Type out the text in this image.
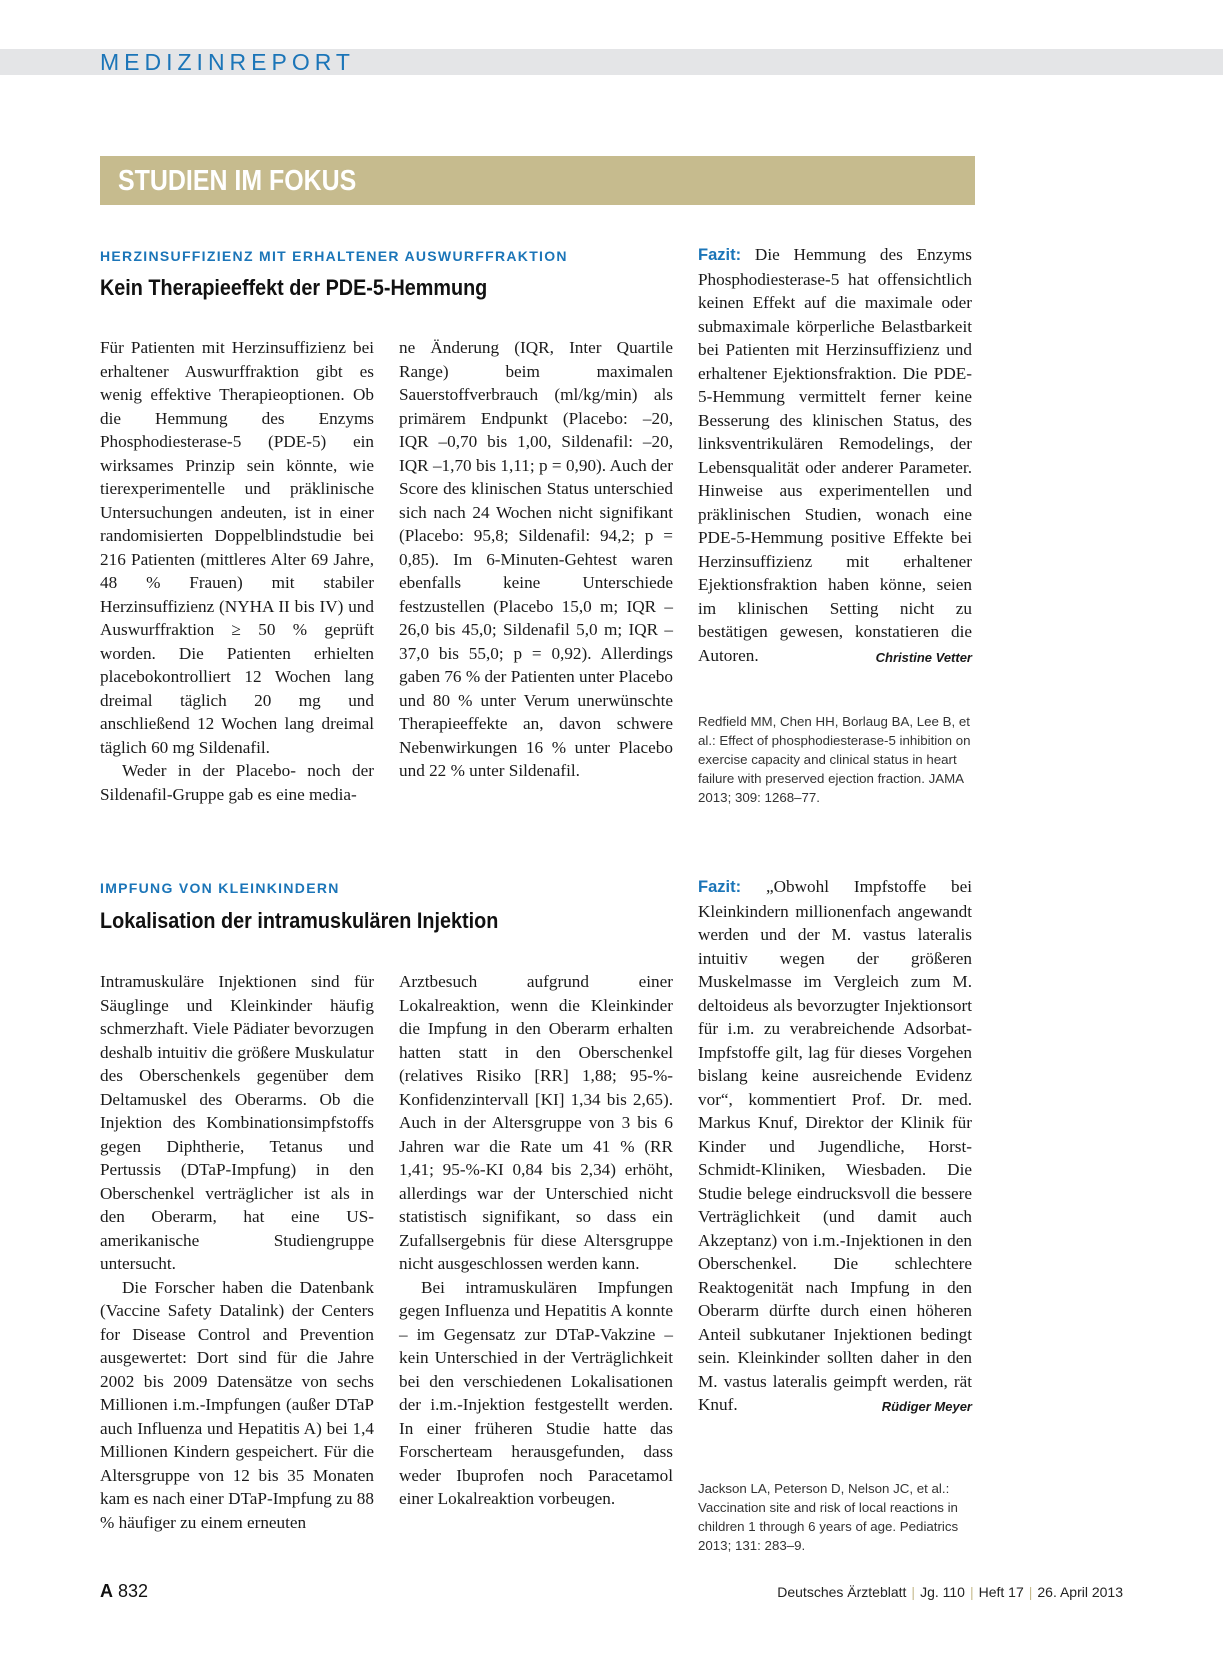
MEDIZINREPORT
STUDIEN IM FOKUS
HERZINSUFFIZIENZ MIT ERHALTENER AUSWURFFRAKTION
Kein Therapieeffekt der PDE-5-Hemmung

Für Patienten mit Herzinsuffizienz bei erhaltener Auswurffraktion gibt es wenig effektive Therapieoptionen. Ob die Hemmung des Enzyms Phosphodiesterase-5 (PDE-5) ein wirksames Prinzip sein könnte, wie tierexperimentelle und präklinische Untersuchungen andeuten, ist in einer randomisierten Doppelblindstudie bei 216 Patienten (mittleres Alter 69 Jahre, 48 % Frauen) mit stabiler Herzinsuffizienz (NYHA II bis IV) und Auswurffraktion ≥ 50 % geprüft worden. Die Patienten erhielten placebokontrolliert 12 Wochen lang dreimal täglich 20 mg und anschließend 12 Wochen lang dreimal täglich 60 mg Sildenafil.

Weder in der Placebo- noch der Sildenafil-Gruppe gab es eine media-

ne Änderung (IQR, Inter Quartile Range) beim maximalen Sauerstoffverbrauch (ml/kg/min) als primärem Endpunkt (Placebo: –20, IQR –0,70 bis 1,00, Sildenafil: –20, IQR –1,70 bis 1,11; p = 0,90). Auch der Score des klinischen Status unterschied sich nach 24 Wochen nicht signifikant (Placebo: 95,8; Sildenafil: 94,2; p = 0,85). Im 6-Minuten-Gehtest waren ebenfalls keine Unterschiede festzustellen (Placebo 15,0 m; IQR –26,0 bis 45,0; Sildenafil 5,0 m; IQR –37,0 bis 55,0; p = 0,92). Allerdings gaben 76 % der Patienten unter Placebo und 80 % unter Verum unerwünschte Therapieeffekte an, davon schwere Nebenwirkungen 16 % unter Placebo und 22 % unter Sildenafil.

Fazit: Die Hemmung des Enzyms Phosphodiesterase-5 hat offensichtlich keinen Effekt auf die maximale oder submaximale körperliche Belastbarkeit bei Patienten mit Herzinsuffizienz und erhaltener Ejektionsfraktion. Die PDE-5-Hemmung vermittelt ferner keine Besserung des klinischen Status, des linksventrikulären Remodelings, der Lebensqualität oder anderer Parameter. Hinweise aus experimentellen und präklinischen Studien, wonach eine PDE-5-Hemmung positive Effekte bei Herzinsuffizienz mit erhaltener Ejektionsfraktion haben könne, seien im klinischen Setting nicht zu bestätigen gewesen, konstatieren die Autoren.	Christine Vetter

Redfield MM, Chen HH, Borlaug BA, Lee B, et al.: Effect of phosphodiesterase-5 inhibition on exercise capacity and clinical status in heart failure with preserved ejection fraction. JAMA 2013; 309: 1268–77.
IMPFUNG VON KLEINKINDERN
Lokalisation der intramuskulären Injektion

Intramuskuläre Injektionen sind für Säuglinge und Kleinkinder häufig schmerzhaft. Viele Pädiater bevorzugen deshalb intuitiv die größere Muskulatur des Oberschenkels gegenüber dem Deltamuskel des Oberarms. Ob die Injektion des Kombinationsimpfstoffs gegen Diphtherie, Tetanus und Pertussis (DTaP-Impfung) in den Oberschenkel verträglicher ist als in den Oberarm, hat eine US-amerikanische Studiengruppe untersucht.

Die Forscher haben die Datenbank (Vaccine Safety Datalink) der Centers for Disease Control and Prevention ausgewertet: Dort sind für die Jahre 2002 bis 2009 Datensätze von sechs Millionen i.m.-Impfungen (außer DTaP auch Influenza und Hepatitis A) bei 1,4 Millionen Kindern gespeichert. Für die Altersgruppe von 12 bis 35 Monaten kam es nach einer DTaP-Impfung zu 88 % häufiger zu einem erneuten

Arztbesuch aufgrund einer Lokalreaktion, wenn die Kleinkinder die Impfung in den Oberarm erhalten hatten statt in den Oberschenkel (relatives Risiko [RR] 1,88; 95-%-Konfidenzintervall [KI] 1,34 bis 2,65). Auch in der Altersgruppe von 3 bis 6 Jahren war die Rate um 41 % (RR 1,41; 95-%-KI 0,84 bis 2,34) erhöht, allerdings war der Unterschied nicht statistisch signifikant, so dass ein Zufallsergebnis für diese Altersgruppe nicht ausgeschlossen werden kann.

Bei intramuskulären Impfungen gegen Influenza und Hepatitis A konnte – im Gegensatz zur DTaP-Vakzine – kein Unterschied in der Verträglichkeit bei den verschiedenen Lokalisationen der i.m.-Injektion festgestellt werden. In einer früheren Studie hatte das Forscherteam herausgefunden, dass weder Ibuprofen noch Paracetamol einer Lokalreaktion vorbeugen.

Fazit: „Obwohl Impfstoffe bei Kleinkindern millionenfach angewandt werden und der M. vastus lateralis intuitiv wegen der größeren Muskelmasse im Vergleich zum M. deltoideus als bevorzugter Injektionsort für i.m. zu verabreichende Adsorbat-Impfstoffe gilt, lag für dieses Vorgehen bislang keine ausreichende Evidenz vor“, kommentiert Prof. Dr. med. Markus Knuf, Direktor der Klinik für Kinder und Jugendliche, Horst-Schmidt-Kliniken, Wiesbaden. Die Studie belege eindrucksvoll die bessere Verträglichkeit (und damit auch Akzeptanz) von i.m.-Injektionen in den Oberschenkel. Die schlechtere Reaktogenität nach Impfung in den Oberarm dürfte durch einen höheren Anteil subkutaner Injektionen bedingt sein. Kleinkinder sollten daher in den M. vastus lateralis geimpft werden, rät Knuf.	Rüdiger Meyer

Jackson LA, Peterson D, Nelson JC, et al.: Vaccination site and risk of local reactions in children 1 through 6 years of age. Pediatrics 2013; 131: 283–9.
A 832	Deutsches Ärzteblatt | Jg. 110 | Heft 17 | 26. April 2013
